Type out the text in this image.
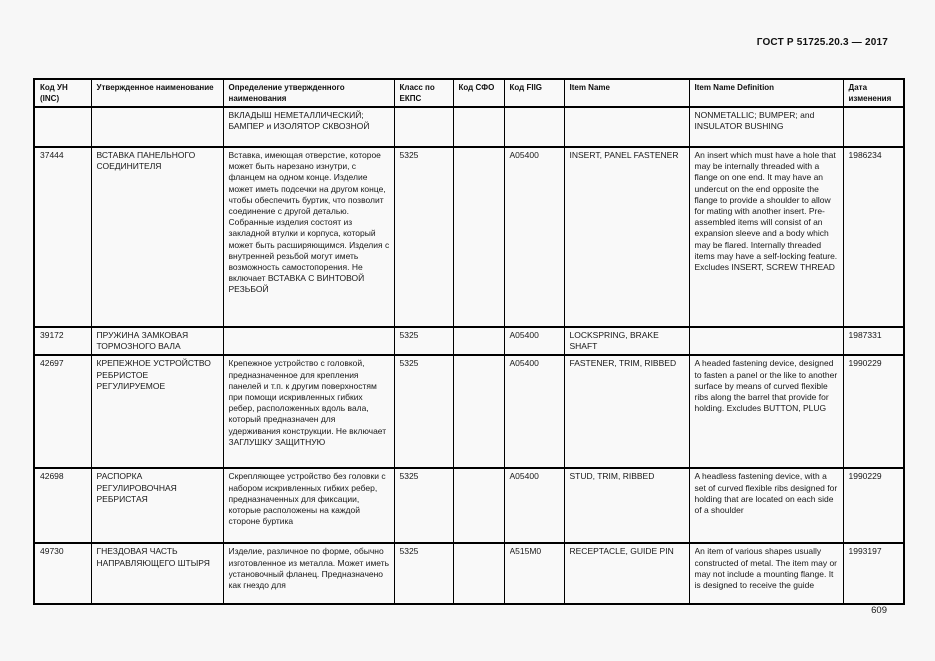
ГОСТ Р 51725.20.3 — 2017
Код УН (INC)	Утвержденное наименование	Определение утвержденного наименования	Класс по ЕКПС	Код СФО	Код FIIG	Item Name	Item Name Definition	Дата изменения
		ВКЛАДЫШ НЕМЕТАЛЛИЧЕСКИЙ; БАМПЕР и ИЗОЛЯТОР СКВОЗНОЙ					NONMETALLIC; BUMPER; and INSULATOR BUSHING	
37444	ВСТАВКА ПАНЕЛЬНОГО СОЕДИНИТЕЛЯ	Вставка, имеющая отверстие, которое может быть нарезано изнутри, с фланцем на одном конце. Изделие может иметь подсечки на другом конце, чтобы обеспечить буртик, что позволит соединение с другой деталью. Собранные изделия состоят из закладной втулки и корпуса, который может быть расширяющимся. Изделия с внутренней резьбой могут иметь возможность самостопорения. Не включает ВСТАВКА С ВИНТОВОЙ РЕЗЬБОЙ	5325		A05400	INSERT, PANEL FASTENER	An insert which must have a hole that may be internally threaded with a flange on one end. It may have an undercut on the end opposite the flange to provide a shoulder to allow for mating with another insert. Pre-assembled items will consist of an expansion sleeve and a body which may be flared. Internally threaded items may have a self-locking feature. Excludes INSERT, SCREW THREAD	1986234
39172	ПРУЖИНА ЗАМКОВАЯ ТОРМОЗНОГО ВАЛА		5325		A05400	LOCKSPRING, BRAKE SHAFT		1987331
42697	КРЕПЕЖНОЕ УСТРОЙСТВО РЕБРИСТОЕ РЕГУЛИРУЕМОЕ	Крепежное устройство с головкой, предназначенное для крепления панелей и т.п. к другим поверхностям при помощи искривленных гибких ребер, расположенных вдоль вала, который предназначен для удерживания конструкции. Не включает ЗАГЛУШКУ ЗАЩИТНУЮ	5325		A05400	FASTENER, TRIM, RIBBED	A headed fastening device, designed to fasten a panel or the like to another surface by means of curved flexible ribs along the barrel that provide for holding. Excludes BUTTON, PLUG	1990229
42698	РАСПОРКА РЕГУЛИРОВОЧНАЯ РЕБРИСТАЯ	Скрепляющее устройство без головки с набором искривленных гибких ребер, предназначенных для фиксации, которые расположены на каждой стороне буртика	5325		A05400	STUD, TRIM, RIBBED	A headless fastening device, with a set of curved flexible ribs designed for holding that are located on each side of a shoulder	1990229

49730	ГНЕЗДОВАЯ ЧАСТЬ НАПРАВЛЯЮЩЕГО ШТЫРЯ	Изделие, различное по форме, обычно изготовленное из металла. Может иметь установочный фланец. Предназначено как гнездо для	5325		A515M0	RECEPTACLE, GUIDE PIN	An item of various shapes usually constructed of metal. The item may or may not include a mounting flange. It is designed to receive the guide	1993197
609
